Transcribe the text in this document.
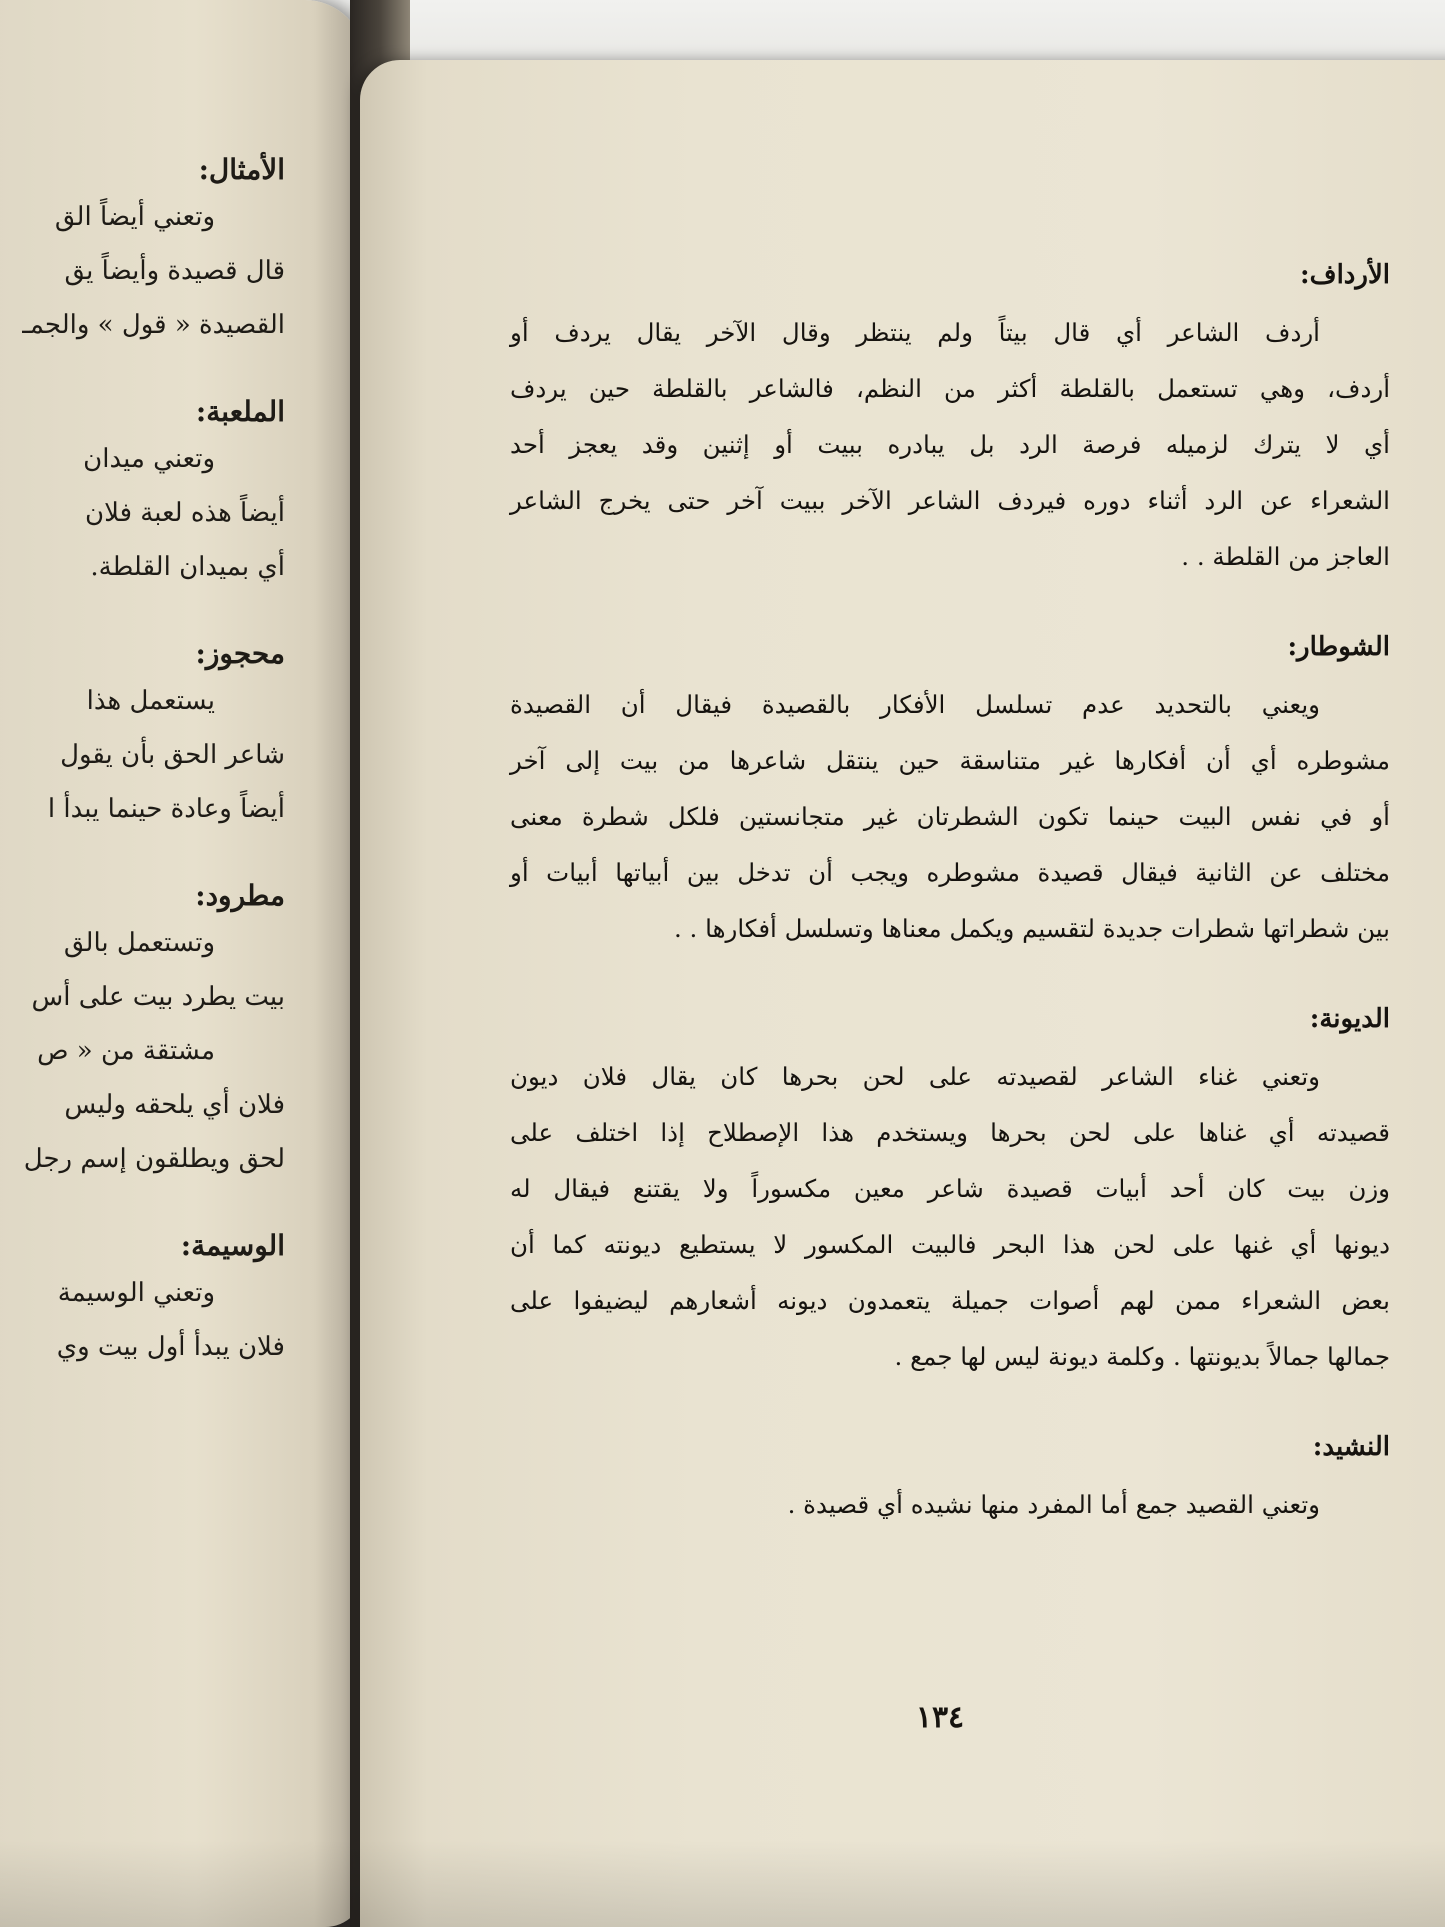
الأمثال:

وتعني أيضاً الق

قال قصيدة وأيضاً يق

القصيدة « قول » والجمـ

الملعبة:

وتعني ميدان

أيضاً هذه لعبة فلان

أي بميدان القلطة.

محجوز:

يستعمل هذا

شاعر الحق بأن يقول

أيضاً وعادة حينما يبدأ ا

مطرود:

وتستعمل بالق

بيت يطرد بيت على أس

مشتقة من « ص

فلان أي يلحقه وليس

لحق ويطلقون إسم رجل

الوسيمة:

وتعني الوسيمة

فلان يبدأ أول بيت وي

الأرداف:

أردف الشاعر أي قال بيتاً ولم ينتظر وقال الآخر يقال يردف أو

أردف، وهي تستعمل بالقلطة أكثر من النظم، فالشاعر بالقلطة حين يردف

أي لا يترك لزميله فرصة الرد بل يبادره ببيت أو إثنين وقد يعجز أحد

الشعراء عن الرد أثناء دوره فيردف الشاعر الآخر ببيت آخر حتى يخرج الشاعر

العاجز من القلطة . .

الشوطار:

ويعني بالتحديد عدم تسلسل الأفكار بالقصيدة فيقال أن القصيدة

مشوطره أي أن أفكارها غير متناسقة حين ينتقل شاعرها من بيت إلى آخر

أو في نفس البيت حينما تكون الشطرتان غير متجانستين فلكل شطرة معنى

مختلف عن الثانية فيقال قصيدة مشوطره ويجب أن تدخل بين أبياتها أبيات أو

بين شطراتها شطرات جديدة لتقسيم ويكمل معناها وتسلسل أفكارها . .

الديونة:

وتعني غناء الشاعر لقصيدته على لحن بحرها كان يقال فلان ديون

قصيدته أي غناها على لحن بحرها ويستخدم هذا الإصطلاح إذا اختلف على

وزن بيت كان أحد أبيات قصيدة شاعر معين مكسوراً ولا يقتنع فيقال له

ديونها أي غنها على لحن هذا البحر فالبيت المكسور لا يستطيع ديونته كما أن

بعض الشعراء ممن لهم أصوات جميلة يتعمدون ديونه أشعارهم ليضيفوا على

جمالها جمالاً بديونتها . وكلمة ديونة ليس لها جمع .

النشيد:

وتعني القصيد جمع أما المفرد منها نشيده أي قصيدة .

١٣٤
